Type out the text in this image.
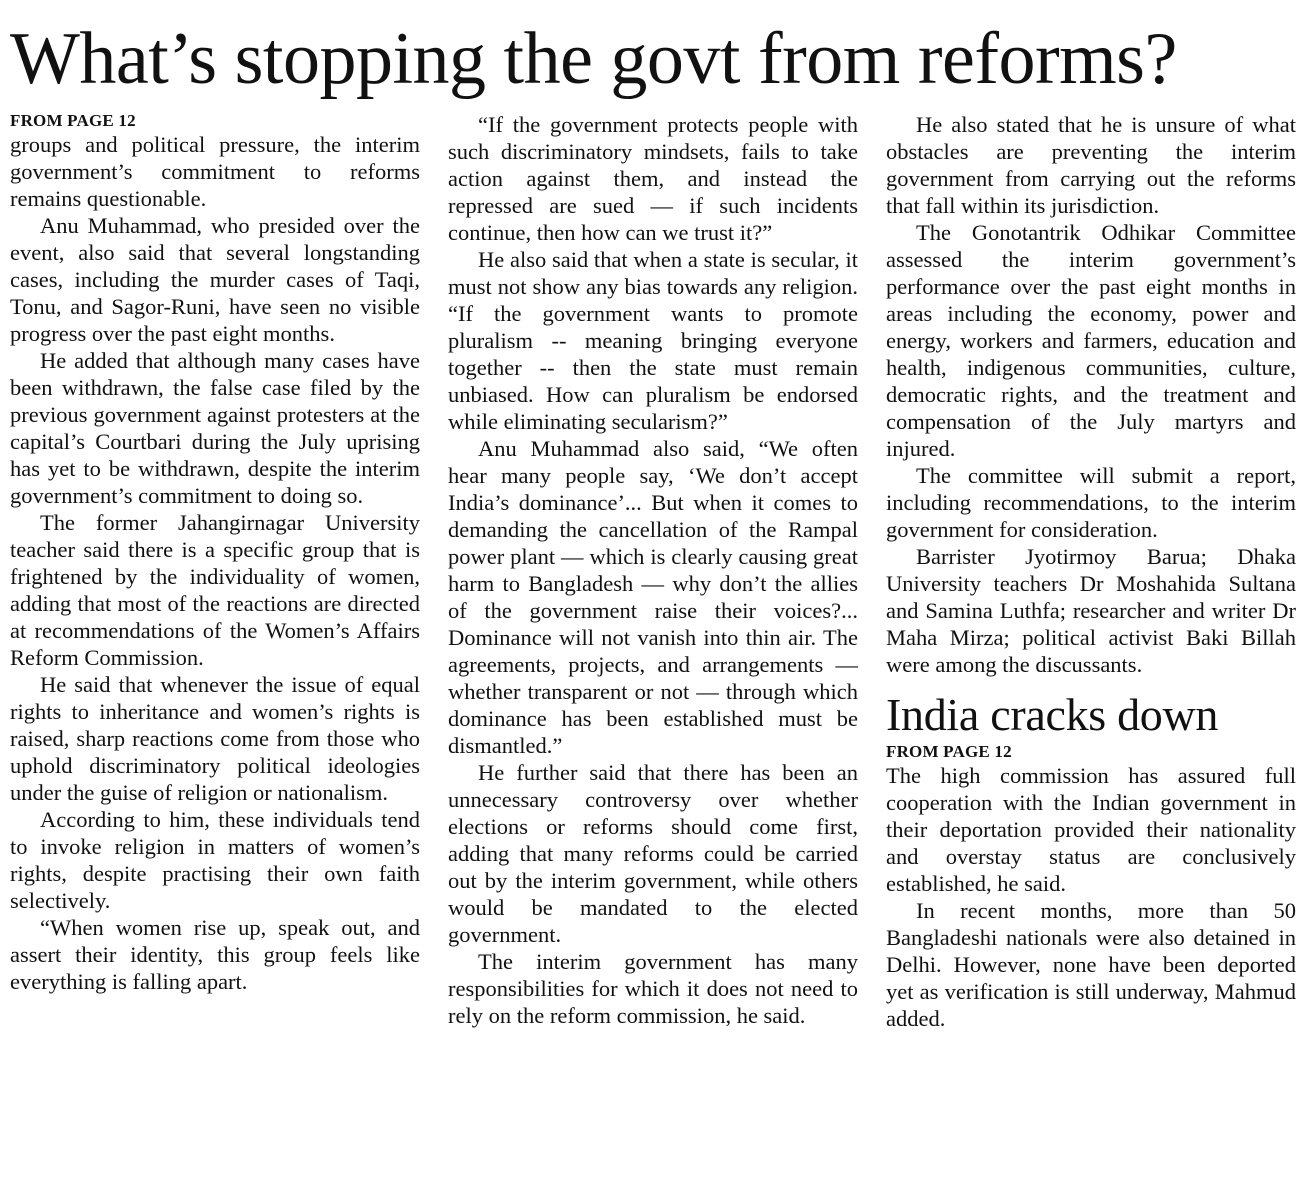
What’s stopping the govt from reforms?
FROM PAGE 12

groups and political pressure, the interim government’s commitment to reforms remains questionable.

Anu Muhammad, who presided over the event, also said that several longstanding cases, including the murder cases of Taqi, Tonu, and Sagor-Runi, have seen no visible progress over the past eight months.

He added that although many cases have been withdrawn, the false case filed by the previous government against protesters at the capital’s Courtbari during the July uprising has yet to be withdrawn, despite the interim government’s commitment to doing so.

The former Jahangirnagar University teacher said there is a specific group that is frightened by the individuality of women, adding that most of the reactions are directed at recommendations of the Women’s Affairs Reform Commission.

He said that whenever the issue of equal rights to inheritance and women’s rights is raised, sharp reactions come from those who uphold discriminatory political ideologies under the guise of religion or nationalism.

According to him, these individuals tend to invoke religion in matters of women’s rights, despite practising their own faith selectively.

“When women rise up, speak out, and assert their identity, this group feels like everything is falling apart.

“If the government protects people with such discriminatory mindsets, fails to take action against them, and instead the repressed are sued — if such incidents continue, then how can we trust it?”

He also said that when a state is secular, it must not show any bias towards any religion. “If the government wants to promote pluralism -- meaning bringing everyone together -- then the state must remain unbiased. How can pluralism be endorsed while eliminating secularism?”

Anu Muhammad also said, “We often hear many people say, ‘We don’t accept India’s dominance’... But when it comes to demanding the cancellation of the Rampal power plant — which is clearly causing great harm to Bangladesh — why don’t the allies of the government raise their voices?... Dominance will not vanish into thin air. The agreements, projects, and arrangements — whether transparent or not — through which dominance has been established must be dismantled.”

He further said that there has been an unnecessary controversy over whether elections or reforms should come first, adding that many reforms could be carried out by the interim government, while others would be mandated to the elected government.

The interim government has many responsibilities for which it does not need to rely on the reform commission, he said.

He also stated that he is unsure of what obstacles are preventing the interim government from carrying out the reforms that fall within its jurisdiction.

The Gonotantrik Odhikar Committee assessed the interim government’s performance over the past eight months in areas including the economy, power and energy, workers and farmers, education and health, indigenous communities, culture, democratic rights, and the treatment and compensation of the July martyrs and injured.

The committee will submit a report, including recommendations, to the interim government for consideration.

Barrister Jyotirmoy Barua; Dhaka University teachers Dr Moshahida Sultana and Samina Luthfa; researcher and writer Dr Maha Mirza; political activist Baki Billah were among the discussants.

India cracks down
FROM PAGE 12

The high commission has assured full cooperation with the Indian government in their deportation provided their nationality and overstay status are conclusively established, he said.

In recent months, more than 50 Bangladeshi nationals were also detained in Delhi. However, none have been deported yet as verification is still underway, Mahmud added.
